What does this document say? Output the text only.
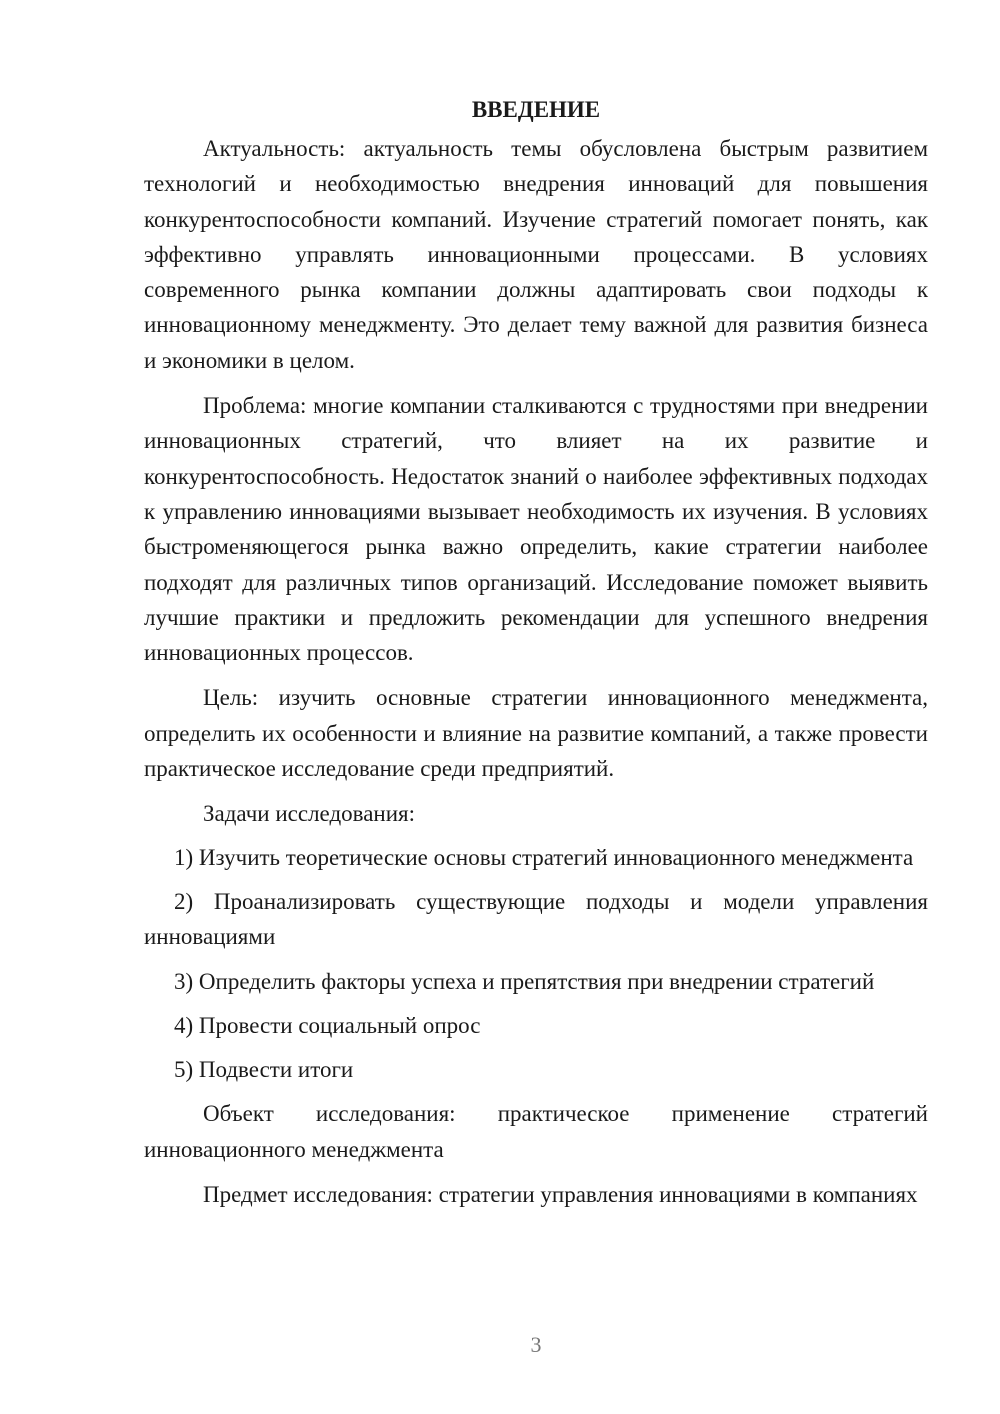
ВВЕДЕНИЕ

Актуальность: актуальность темы обусловлена быстрым развитием технологий и необходимостью внедрения инноваций для повышения конкурентоспособности компаний. Изучение стратегий помогает понять, как эффективно управлять инновационными процессами. В условиях современного рынка компании должны адаптировать свои подходы к инновационному менеджменту. Это делает тему важной для развития бизнеса и экономики в целом.

Проблема: многие компании сталкиваются с трудностями при внедрении инновационных стратегий, что влияет на их развитие и конкурентоспособность. Недостаток знаний о наиболее эффективных подходах к управлению инновациями вызывает необходимость их изучения. В условиях быстроменяющегося рынка важно определить, какие стратегии наиболее подходят для различных типов организаций. Исследование поможет выявить лучшие практики и предложить рекомендации для успешного внедрения инновационных процессов.

Цель: изучить основные стратегии инновационного менеджмента, определить их особенности и влияние на развитие компаний, а также провести практическое исследование среди предприятий.

Задачи исследования:

1) Изучить теоретические основы стратегий инновационного менеджмента

2) Проанализировать существующие подходы и модели управления инновациями

3) Определить факторы успеха и препятствия при внедрении стратегий

4) Провести социальный опрос

5) Подвести итоги

Объект исследования: практическое применение стратегий инновационного менеджмента

Предмет исследования: стратегии управления инновациями в компаниях

3
